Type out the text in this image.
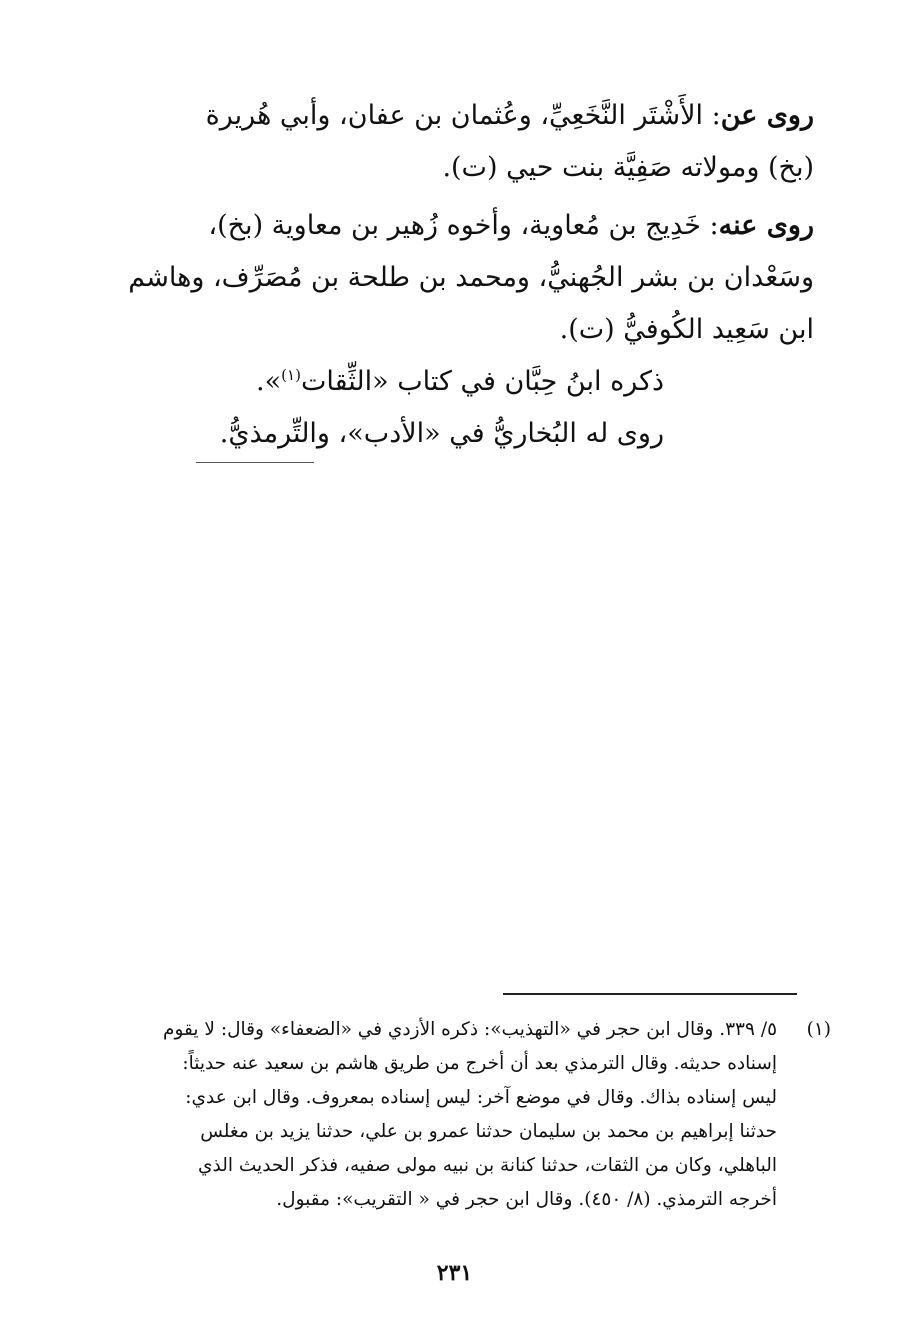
روى عن: الأَشْتَر النَّخَعِيِّ، وعُثمان بن عفان، وأبي هُريرة
(بخ) ومولاته صَفِيَّة بنت حيي (ت).
روى عنه: خَدِيج بن مُعاوية، وأخوه زُهير بن معاوية (بخ)،
وسَعْدان بن بشر الجُهنيُّ، ومحمد بن طلحة بن مُصَرِّف، وهاشم
ابن سَعِيد الكُوفيُّ (ت).
ذكره ابنُ حِبَّان في كتاب «الثِّقات$^{(١)}$».
روى له البُخاريُّ في «الأدب»، والتِّرمذيُّ.
(١)
٥/ ٣٣٩. وقال ابن حجر في «التهذيب»: ذكره الأزدي في «الضعفاء» وقال: لا يقوم
إسناده حديثه. وقال الترمذي بعد أن أخرج من طريق هاشم بن سعيد عنه حديثاً:
ليس إسناده بذاك. وقال في موضع آخر: ليس إسناده بمعروف. وقال ابن عدي:
حدثنا إبراهيم بن محمد بن سليمان حدثنا عمرو بن علي، حدثنا يزيد بن مغلس
الباهلي، وكان من الثقات، حدثنا كنانة بن نبيه مولى صفيه، فذكر الحديث الذي
أخرجه الترمذي. (٨/ ٤٥٠). وقال ابن حجر في « التقريب»: مقبول.
٢٣١
